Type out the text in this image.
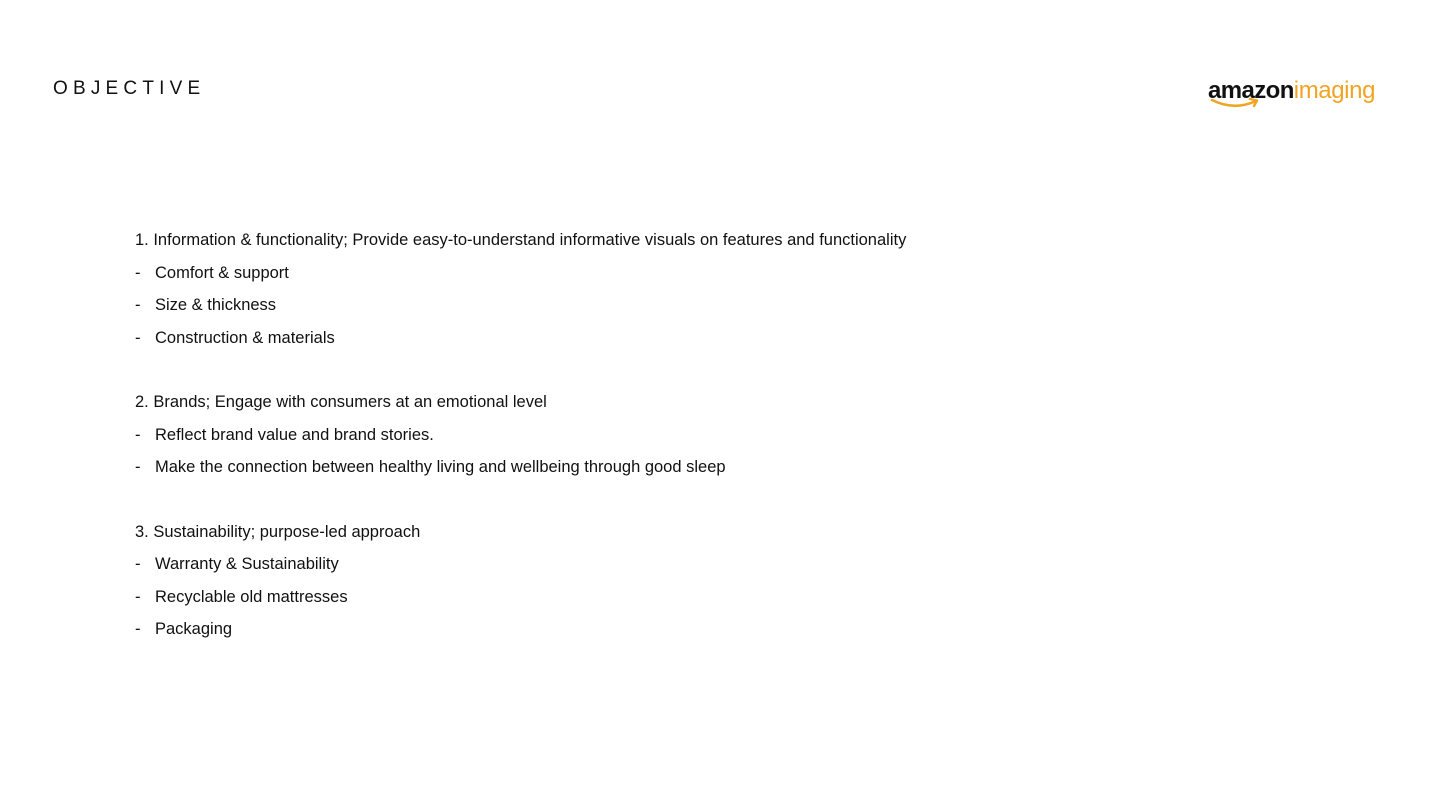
OBJECTIVE	amazonimaging
1. Information & functionality; Provide easy-to-understand informative visuals on features and functionality
- Comfort & support
- Size & thickness
- Construction & materials
2. Brands; Engage with consumers at an emotional level
- Reflect brand value and brand stories.
- Make the connection between healthy living and wellbeing through good sleep
3. Sustainability; purpose-led approach
- Warranty & Sustainability
- Recyclable old mattresses
- Packaging
